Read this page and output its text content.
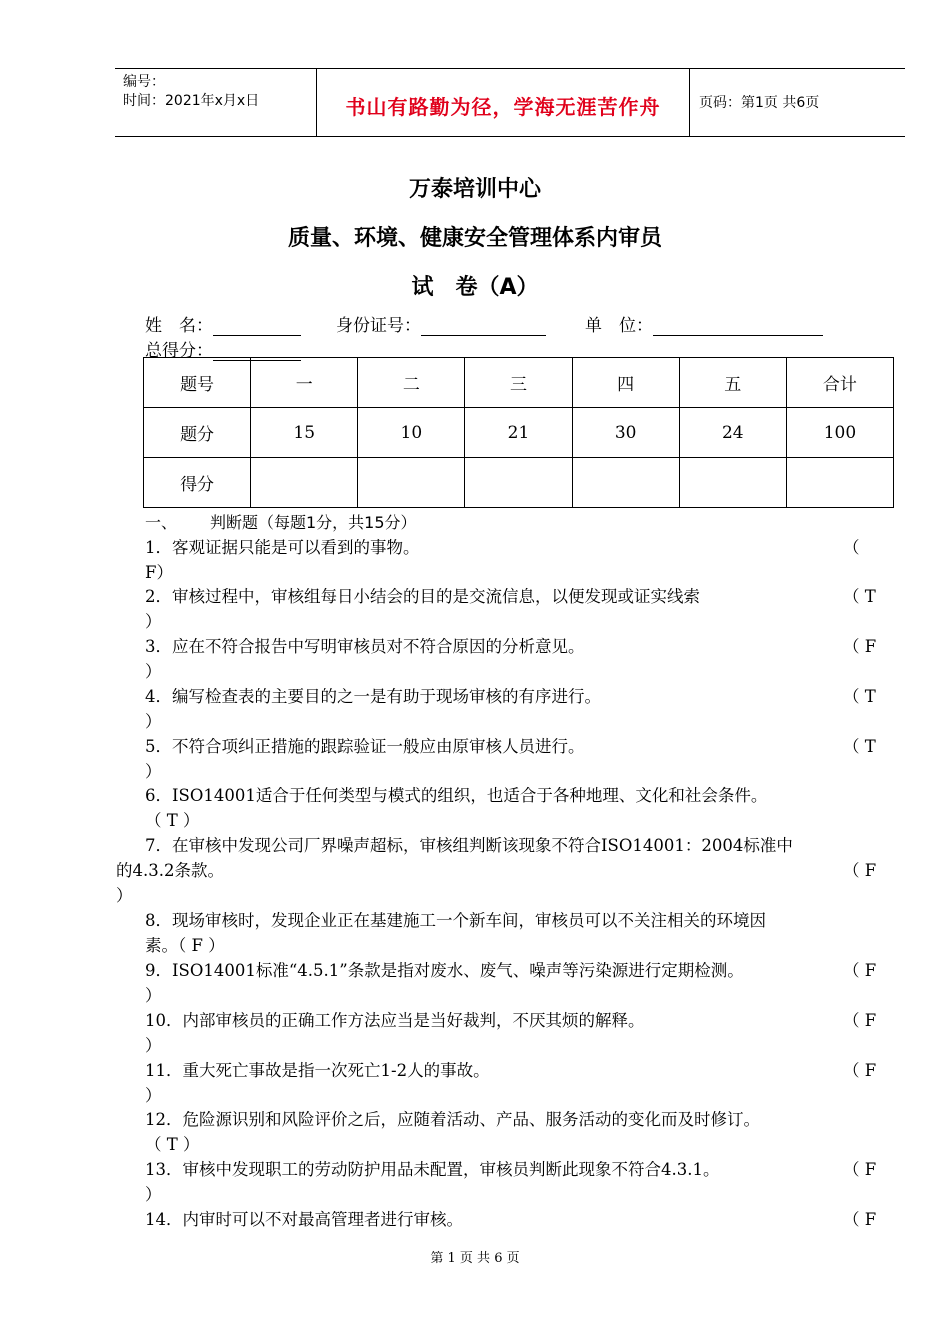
编号：
时间：2021年x月x日	书山有路勤为径，学海无涯苦作舟	页码：第1页 共6页
万泰培训中心
质量、环境、健康安全管理体系内审员
试　卷（A）
姓　名：	身份证号：	单　位：
总得分：
题号	一	二	三	四	五	合计
题分	15	10	21	30	24	100
得分						
一、 判断题（每题1分，共15分）
1．客观证据只能是可以看到的事物。	（
F）
2．审核过程中，审核组每日小结会的目的是交流信息，以便发现或证实线索	（ T
）
3．应在不符合报告中写明审核员对不符合原因的分析意见。	（ F
）
4．编写检查表的主要目的之一是有助于现场审核的有序进行。	（ T
）
5．不符合项纠正措施的跟踪验证一般应由原审核人员进行。	（ T
）
6．ISO14001适合于任何类型与模式的组织，也适合于各种地理、文化和社会条件。
（ T ）
7．在审核中发现公司厂界噪声超标，审核组判断该现象不符合ISO14001：2004标准中
的4.3.2条款。	（ F
）
8．现场审核时，发现企业正在基建施工一个新车间，审核员可以不关注相关的环境因
素。（ F ）
9．ISO14001标准“4.5.1”条款是指对废水、废气、噪声等污染源进行定期检测。	（ F
）
10．内部审核员的正确工作方法应当是当好裁判，不厌其烦的解释。	（ F
）
11．重大死亡事故是指一次死亡1-2人的事故。	（ F
）
12．危险源识别和风险评价之后，应随着活动、产品、服务活动的变化而及时修订。
（ T ）
13．审核中发现职工的劳动防护用品未配置，审核员判断此现象不符合4.3.1。	（ F
）
14．内审时可以不对最高管理者进行审核。	（ F
第 1 页 共 6 页
